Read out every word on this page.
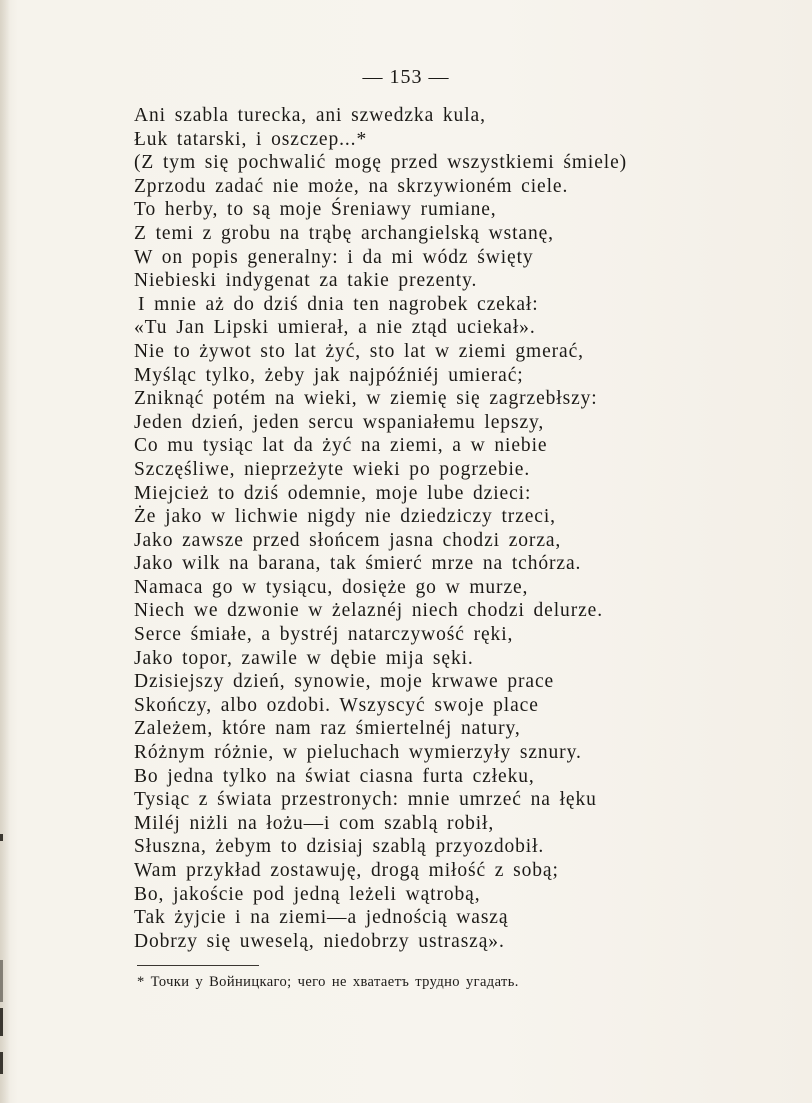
— 153 —
Ani szabla turecka, ani szwedzka kula,
Łuk tatarski, i oszczep...*
(Z tym się pochwalić mogę przed wszystkiemi śmiele)
Zprzodu zadać nie może, na skrzywioném ciele.
To herby, to są moje Śreniawy rumiane,
Z temi z grobu na trąbę archangielską wstanę,
W on popis generalny: i da mi wódz święty
Niebieski indygenat za takie prezenty.
I mnie aż do dziś dnia ten nagrobek czekał:
«Tu Jan Lipski umierał, a nie ztąd uciekał».
Nie to żywot sto lat żyć, sto lat w ziemi gmerać,
Myśląc tylko, żeby jak najpóźniéj umierać;
Zniknąć potém na wieki, w ziemię się zagrzebłszy:
Jeden dzień, jeden sercu wspaniałemu lepszy,
Co mu tysiąc lat da żyć na ziemi, a w niebie
Szczęśliwe, nieprzeżyte wieki po pogrzebie.
Miejcież to dziś odemnie, moje lube dzieci:
Że jako w lichwie nigdy nie dziedziczy trzeci,
Jako zawsze przed słońcem jasna chodzi zorza,
Jako wilk na barana, tak śmierć mrze na tchórza.
Namaca go w tysiącu, dosięże go w murze,
Niech we dzwonie w żelaznéj niech chodzi delurze.
Serce śmiałe, a bystréj natarczywość ręki,
Jako topor, zawile w dębie mija sęki.
Dzisiejszy dzień, synowie, moje krwawe prace
Skończy, albo ozdobi. Wszyscyć swoje place
Zależem, które nam raz śmiertelnéj natury,
Różnym różnie, w pieluchach wymierzyły sznury.
Bo jedna tylko na świat ciasna furta człeku,
Tysiąc z świata przestronych: mnie umrzeć na łęku
Miléj niżli na łożu—i com szablą robił,
Słuszna, żebym to dzisiaj szablą przyozdobił.
Wam przykład zostawuję, drogą miłość z sobą;
Bo, jakoście pod jedną leżeli wątrobą,
Tak żyjcie i na ziemi—a jednością waszą
Dobrzy się uweselą, niedobrzy ustraszą».
* Точки у Войницкаго; чего не хватаетъ трудно угадать.
